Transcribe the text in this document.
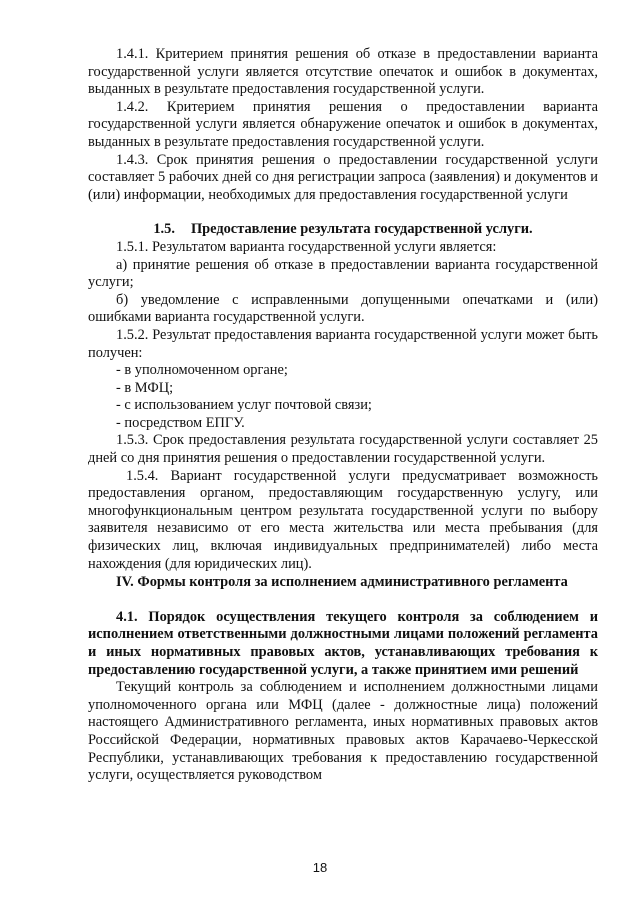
1.4.1. Критерием принятия решения об отказе в предоставлении варианта государственной услуги является отсутствие опечаток и ошибок в документах, выданных в результате предоставления государственной услуги.

1.4.2. Критерием принятия решения о предоставлении варианта государственной услуги является обнаружение опечаток и ошибок в документах, выданных в результате предоставления государственной услуги.

1.4.3. Срок принятия решения о предоставлении государственной услуги составляет 5 рабочих дней со дня регистрации запроса (заявления) и документов и (или) информации, необходимых для предоставления государственной услуги

1.5. Предоставление результата государственной услуги.

1.5.1. Результатом варианта государственной услуги является:

а) принятие решения об отказе в предоставлении варианта государственной услуги;

б) уведомление с исправленными допущенными опечатками и (или) ошибками варианта государственной услуги.

1.5.2. Результат предоставления варианта государственной услуги может быть получен:

- в уполномоченном органе;

- в МФЦ;

- с использованием услуг почтовой связи;

- посредством ЕПГУ.

1.5.3. Срок предоставления результата государственной услуги составляет 25 дней со дня принятия решения о предоставлении государственной услуги.

1.5.4. Вариант государственной услуги предусматривает возможность предоставления органом, предоставляющим государственную услугу, или многофункциональным центром результата государственной услуги по выбору заявителя независимо от его места жительства или места пребывания (для физических лиц, включая индивидуальных предпринимателей) либо места нахождения (для юридических лиц).

IV. Формы контроля за исполнением административного регламента

4.1. Порядок осуществления текущего контроля за соблюдением и исполнением ответственными должностными лицами положений регламента и иных нормативных правовых актов, устанавливающих требования к предоставлению государственной услуги, а также принятием ими решений

Текущий контроль за соблюдением и исполнением должностными лицами уполномоченного органа или МФЦ (далее - должностные лица) положений настоящего Административного регламента, иных нормативных правовых актов Российской Федерации, нормативных правовых актов Карачаево-Черкесской Республики, устанавливающих требования к предоставлению государственной услуги, осуществляется руководством

18
